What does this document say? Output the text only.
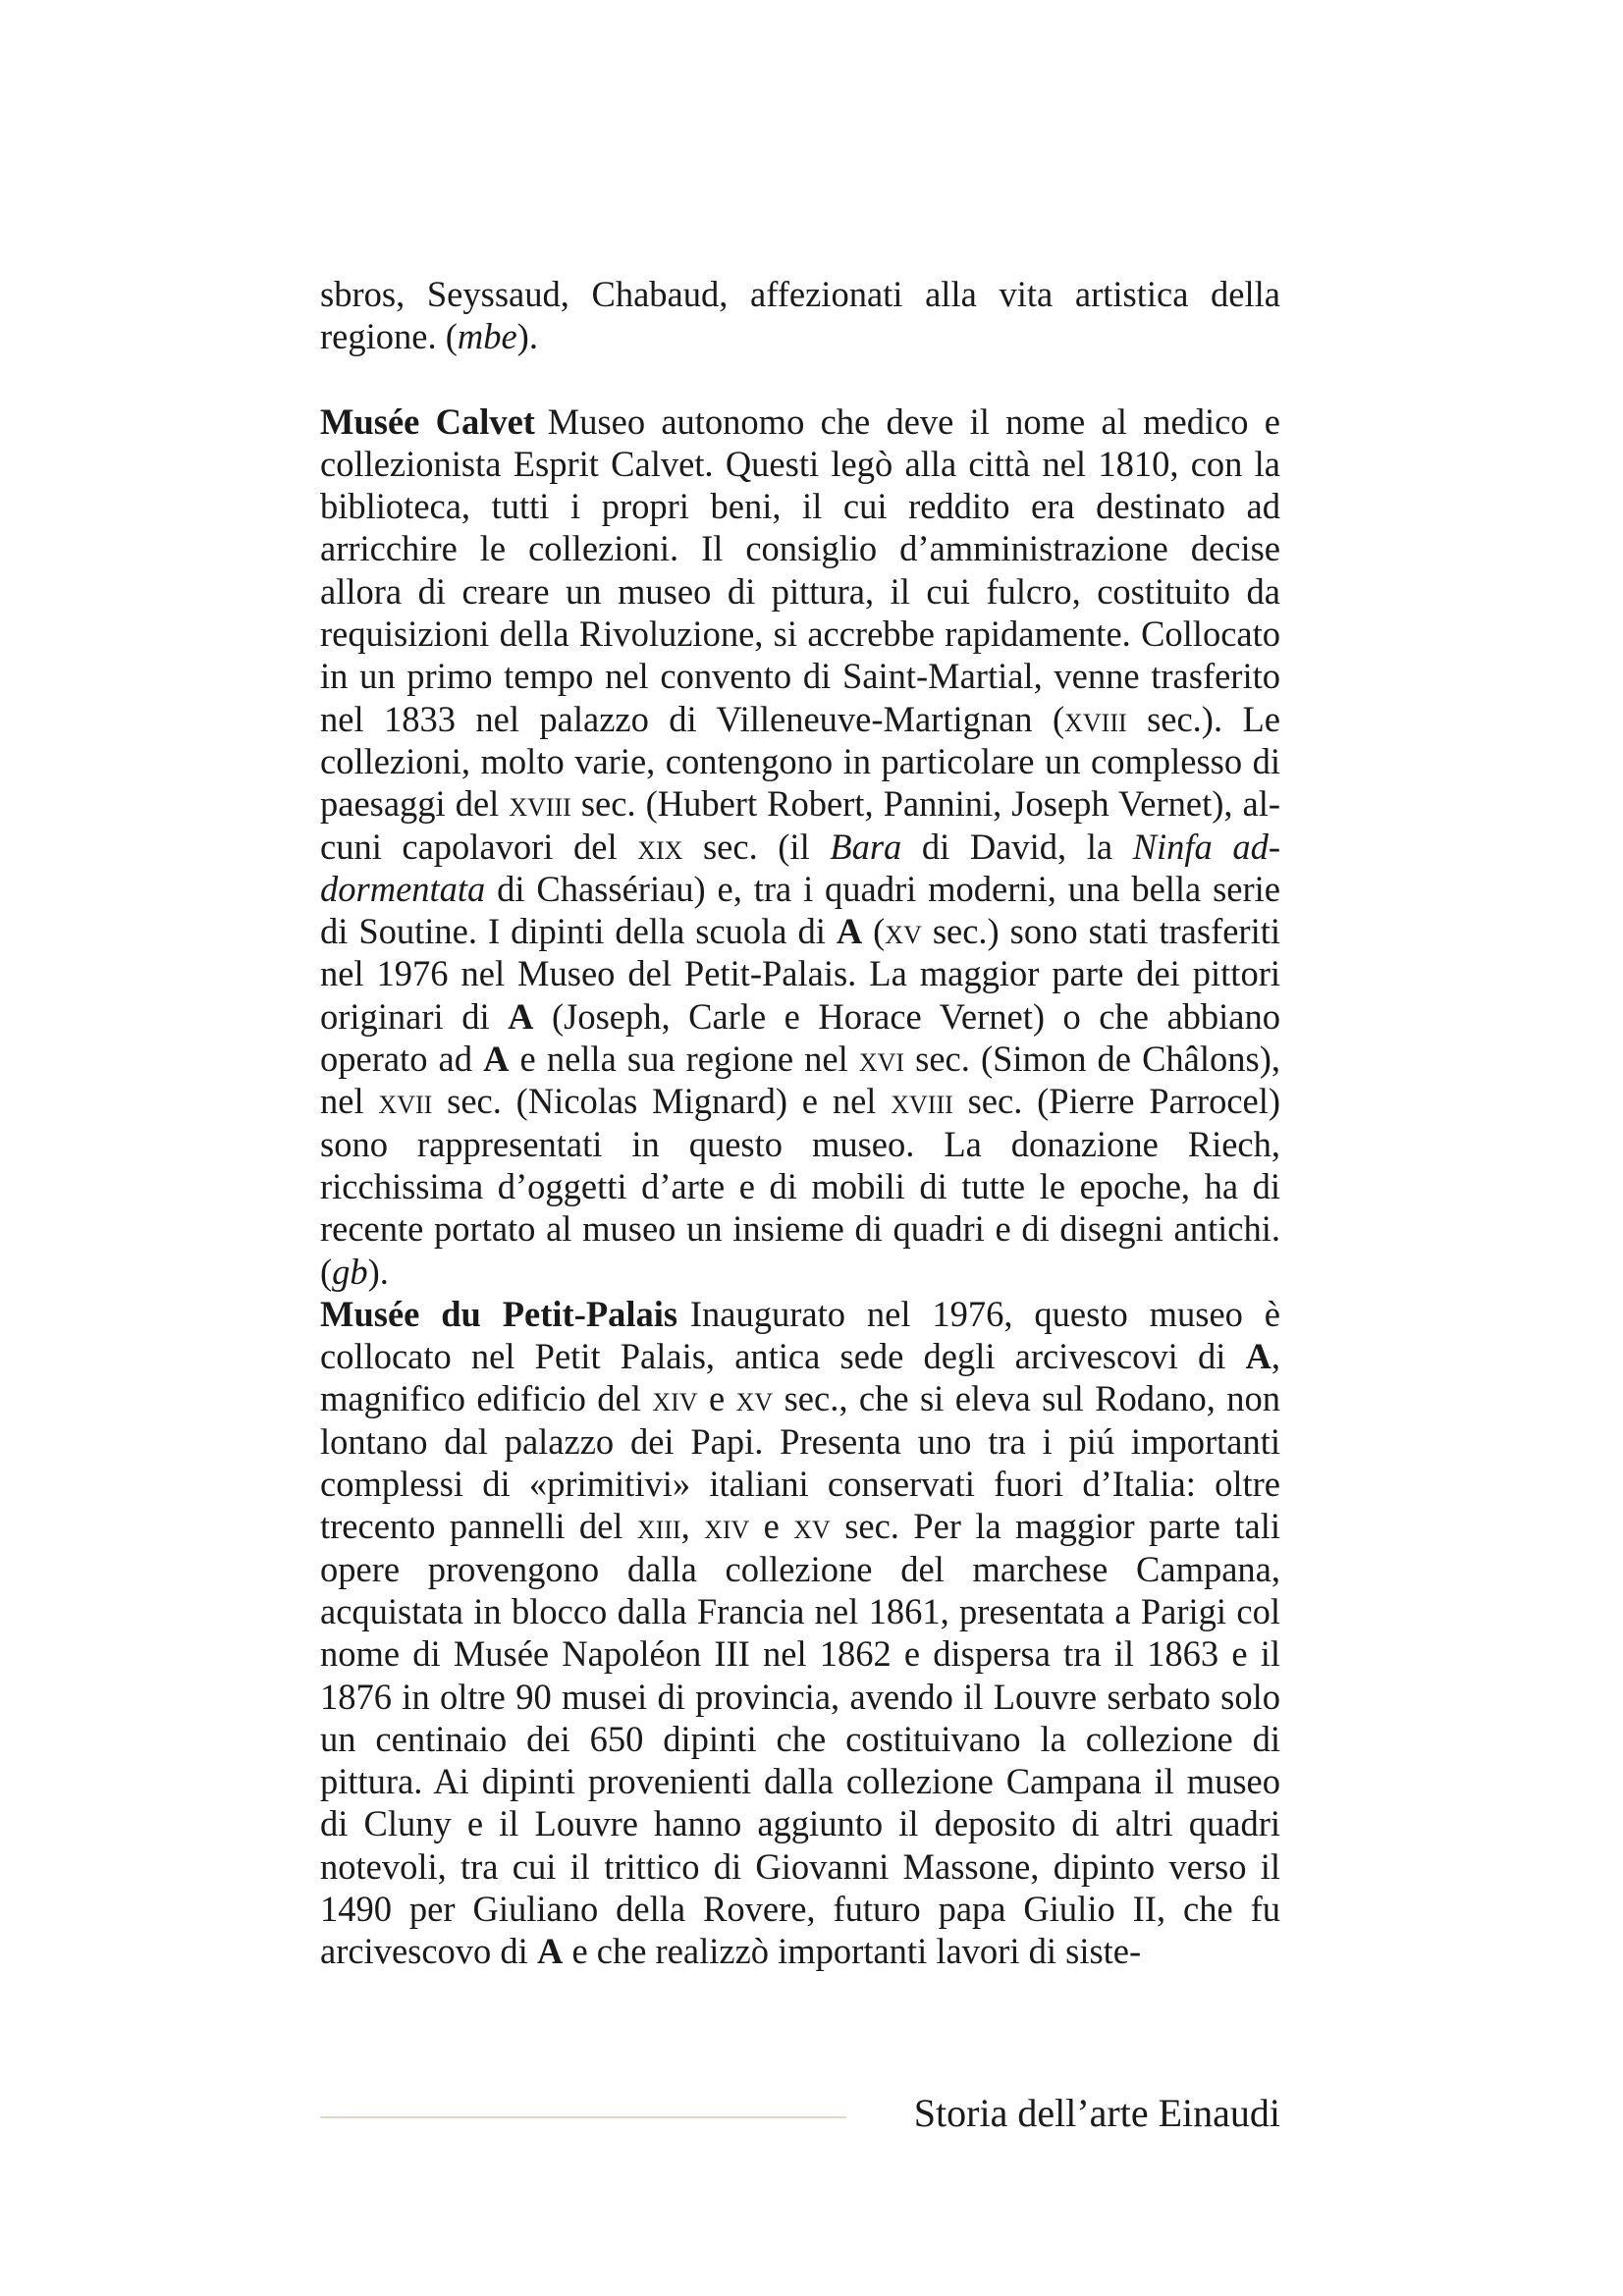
sbros, Seyssaud, Chabaud, affezionati alla vita artistica della regione. (mbe).

Musée Calvet Museo autonomo che deve il nome al medico e collezionista Esprit Calvet. Questi legò alla città nel 1810, con la biblioteca, tutti i propri beni, il cui reddito era destinato ad arricchire le collezioni. Il consiglio d’amministrazione decise allora di creare un museo di pittura, il cui fulcro, costituito da requisizioni della Rivoluzione, si accrebbe rapidamente. Collocato in un primo tempo nel convento di Saint-Martial, venne trasferito nel 1833 nel palazzo di Villeneuve-Martignan (xviii sec.). Le collezioni, molto varie, contengono in particolare un complesso di paesaggi del xviii sec. (Hubert Robert, Pannini, Joseph Vernet), alcuni capolavori del xix sec. (il Bara di David, la Ninfa addormentata di Chassériau) e, tra i quadri moderni, una bella serie di Soutine. I dipinti della scuola di A (xv sec.) sono stati trasferiti nel 1976 nel Museo del Petit-Palais. La maggior parte dei pittori originari di A (Joseph, Carle e Horace Vernet) o che abbiano operato ad A e nella sua regione nel xvi sec. (Simon de Châlons), nel xvii sec. (Nicolas Mignard) e nel xviii sec. (Pierre Parrocel) sono rappresentati in questo museo. La donazione Riech, ricchissima d’oggetti d’arte e di mobili di tutte le epoche, ha di recente portato al museo un insieme di quadri e di disegni antichi. (gb).

Musée du Petit-Palais Inaugurato nel 1976, questo museo è collocato nel Petit Palais, antica sede degli arcivescovi di A, magnifico edificio del xiv e xv sec., che si eleva sul Rodano, non lontano dal palazzo dei Papi. Presenta uno tra i piú importanti complessi di «primitivi» italiani conservati fuori d’Italia: oltre trecento pannelli del xiii, xiv e xv sec. Per la maggior parte tali opere provengono dalla collezione del marchese Campana, acquistata in blocco dalla Francia nel 1861, presentata a Parigi col nome di Musée Napoléon III nel 1862 e dispersa tra il 1863 e il 1876 in oltre 90 musei di provincia, avendo il Louvre serbato solo un centinaio dei 650 dipinti che costituivano la collezione di pittura. Ai dipinti provenienti dalla collezione Campana il museo di Cluny e il Louvre hanno aggiunto il deposito di altri quadri notevoli, tra cui il trittico di Giovanni Massone, dipinto verso il 1490 per Giuliano della Rovere, futuro papa Giulio II, che fu arcivescovo di A e che realizzò importanti lavori di siste-

Storia dell’arte Einaudi
